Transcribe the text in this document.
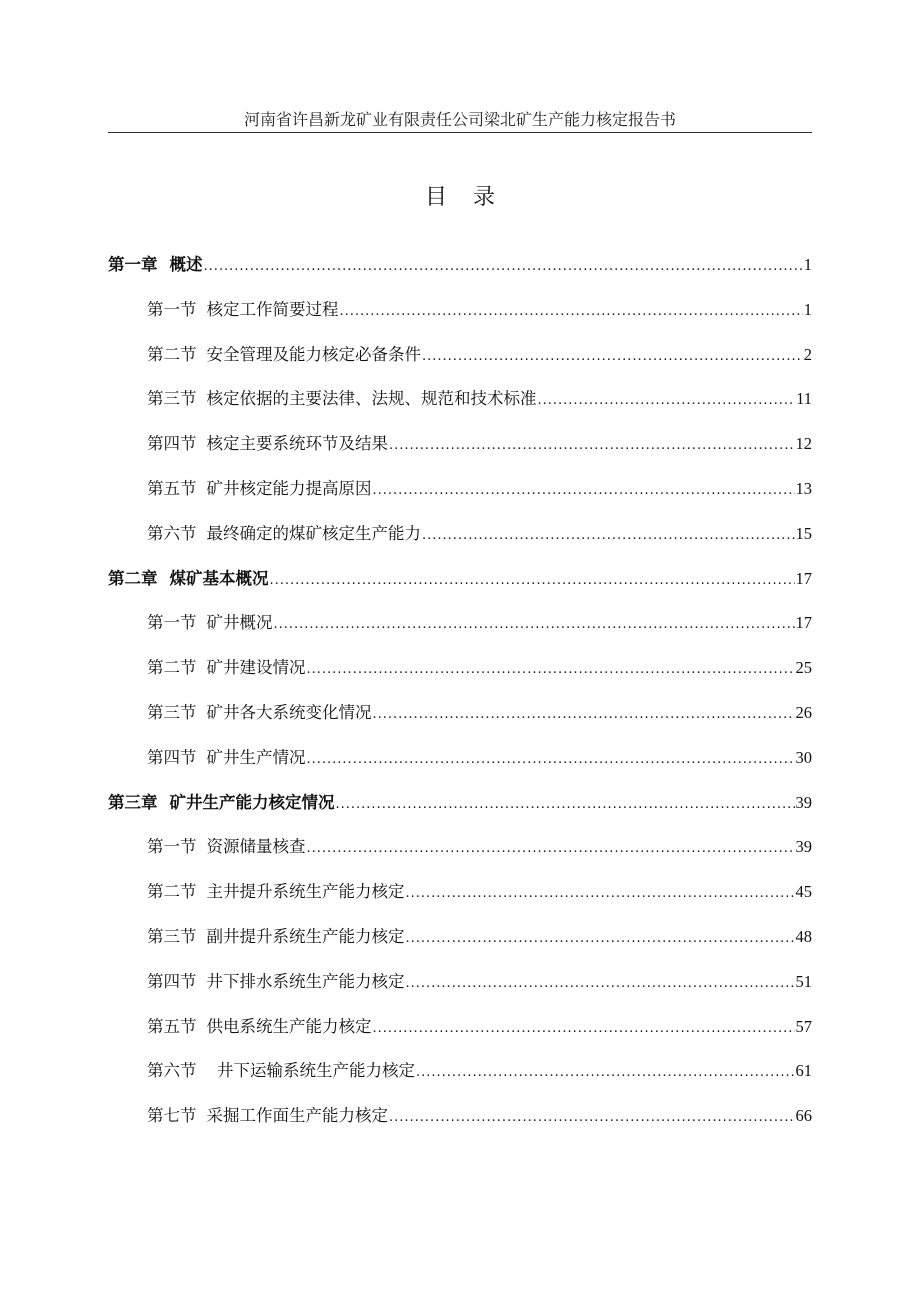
河南省许昌新龙矿业有限责任公司梁北矿生产能力核定报告书
目 录
第一章 概述 .....	1
第一节 核定工作简要过程 .....	1
第二节 安全管理及能力核定必备条件 .....	2
第三节 核定依据的主要法律、法规、规范和技术标准 .....	11
第四节 核定主要系统环节及结果 .....	12
第五节 矿井核定能力提高原因 .....	13
第六节 最终确定的煤矿核定生产能力 .....	15
第二章 煤矿基本概况 .....	17
第一节 矿井概况 .....	17
第二节 矿井建设情况 .....	25
第三节 矿井各大系统变化情况 .....	26
第四节 矿井生产情况 .....	30
第三章 矿井生产能力核定情况 .....	39
第一节 资源储量核查 .....	39
第二节 主井提升系统生产能力核定 .....	45
第三节 副井提升系统生产能力核定 .....	48
第四节 井下排水系统生产能力核定 .....	51
第五节 供电系统生产能力核定 .....	57
第六节 井下运输系统生产能力核定 .....	61
第七节 采掘工作面生产能力核定 .....	66
